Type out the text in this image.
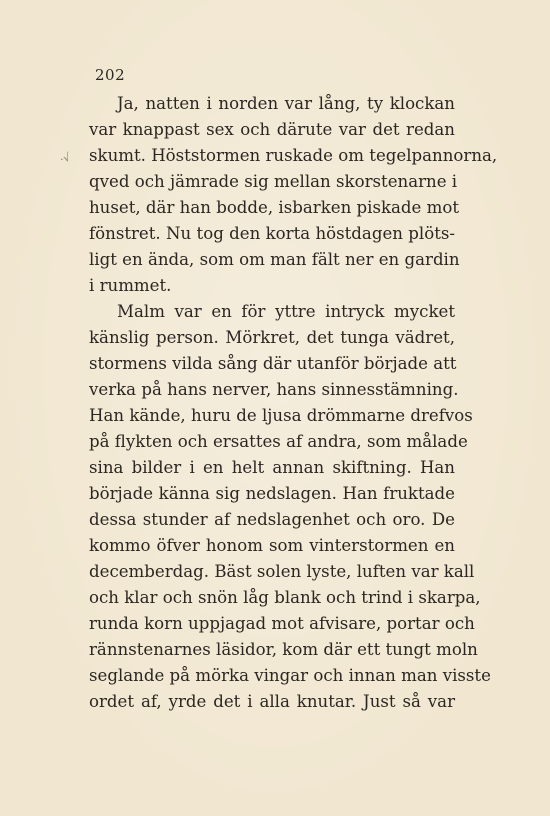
202
·√
Ja, natten i norden var lång, ty klockan
var knappast sex och därute var det redan
skumt. Höststormen ruskade om tegelpannorna,
qved och jämrade sig mellan skorstenarne i
huset, där han bodde, isbarken piskade mot
fönstret. Nu tog den korta höstdagen plöts-
ligt en ända, som om man fält ner en gardin
i rummet.
Malm var en för yttre intryck mycket
känslig person. Mörkret, det tunga vädret,
stormens vilda sång där utanför började att
verka på hans nerver, hans sinnesstämning.
Han kände, huru de ljusa drömmarne drefvos
på flykten och ersattes af andra, som målade
sina bilder i en helt annan skiftning. Han
började känna sig nedslagen. Han fruktade
dessa stunder af nedslagenhet och oro. De
kommo öfver honom som vinterstormen en
decemberdag. Bäst solen lyste, luften var kall
och klar och snön låg blank och trind i skarpa,
runda korn uppjagad mot afvisare, portar och
rännstenarnes läsidor, kom där ett tungt moln
seglande på mörka vingar och innan man visste
ordet af, yrde det i alla knutar. Just så var
